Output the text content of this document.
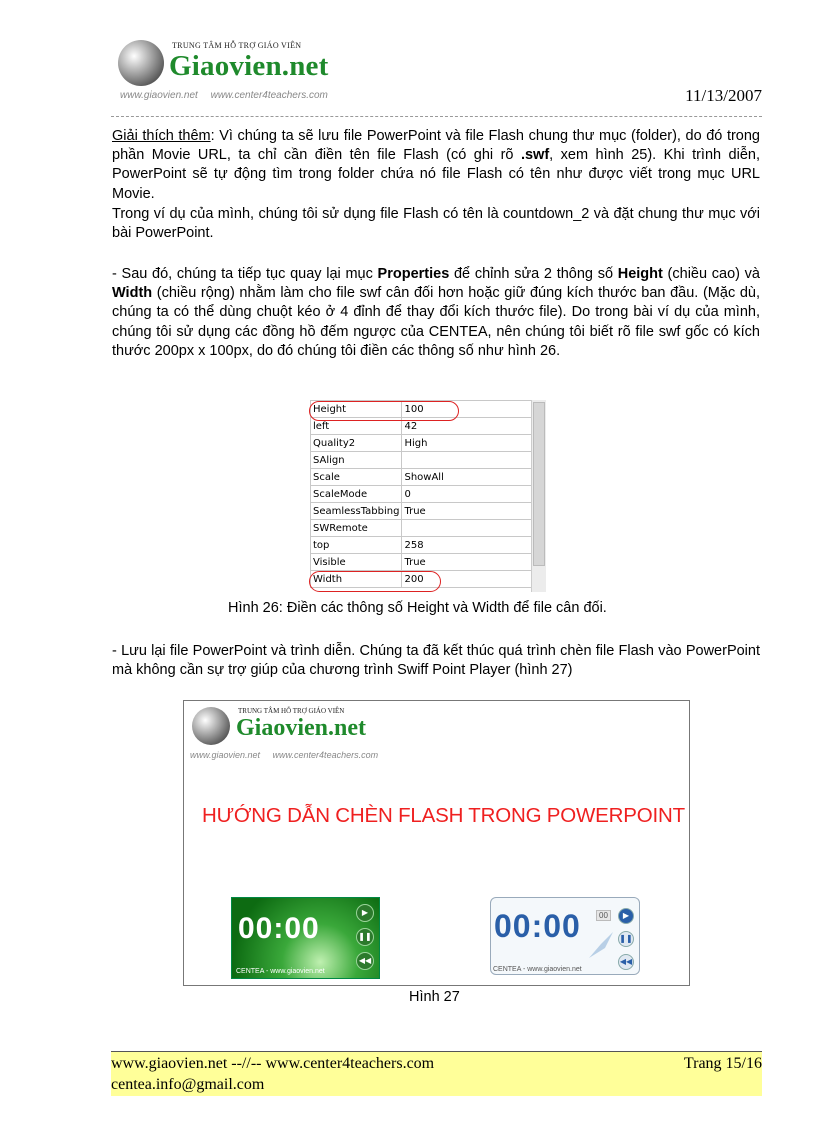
TRUNG TÂM HỖ TRỢ GIÁO VIÊN
Giaovien.net
www.giaovien.net www.center4teachers.com	11/13/2007
Giải thích thêm: Vì chúng ta sẽ lưu file PowerPoint và file Flash chung thư mục (folder), do đó trong phần Movie URL, ta chỉ cần điền tên file Flash (có ghi rõ .swf, xem hình 25). Khi trình diễn, PowerPoint sẽ tự động tìm trong folder chứa nó file Flash có tên như được viết trong mục URL Movie.
Trong ví dụ của mình, chúng tôi sử dụng file Flash có tên là countdown_2 và đặt chung thư mục với bài PowerPoint.
- Sau đó, chúng ta tiếp tục quay lại mục Properties để chỉnh sửa 2 thông số Height (chiều cao) và Width (chiều rộng) nhằm làm cho file swf cân đối hơn hoặc giữ đúng kích thước ban đầu. (Mặc dù, chúng ta có thể dùng chuột kéo ở 4 đỉnh để thay đổi kích thước file). Do trong bài ví dụ của mình, chúng tôi sử dụng các đồng hồ đếm ngược của CENTEA, nên chúng tôi biết rõ file swf gốc có kích thước 200px x 100px, do đó chúng tôi điền các thông số như hình 26.
Height	100
left	42
Quality2	High
SAlign	
Scale	ShowAll
ScaleMode	0
SeamlessTabbing	True
SWRemote	
top	258
Visible	True
Width	200
Hình 26: Điền các thông số Height và Width để file cân đối.
- Lưu lại file PowerPoint và trình diễn. Chúng ta đã kết thúc quá trình chèn file Flash vào PowerPoint mà không cần sự trợ giúp của chương trình Swiff Point Player (hình 27)
TRUNG TÂM HỖ TRỢ GIÁO VIÊN
Giaovien.net
www.giaovien.net www.center4teachers.com
HƯỚNG DẪN CHÈN FLASH TRONG POWERPOINT
00:00	▶
❚❚
◀◀
CENTEA - www.giaovien.net
00:00	00	▶
❚❚
◀◀
CENTEA - www.giaovien.net
Hình 27
www.giaovien.net --//-- www.center4teachers.com
centea.info@gmail.com
Trang 15/16
